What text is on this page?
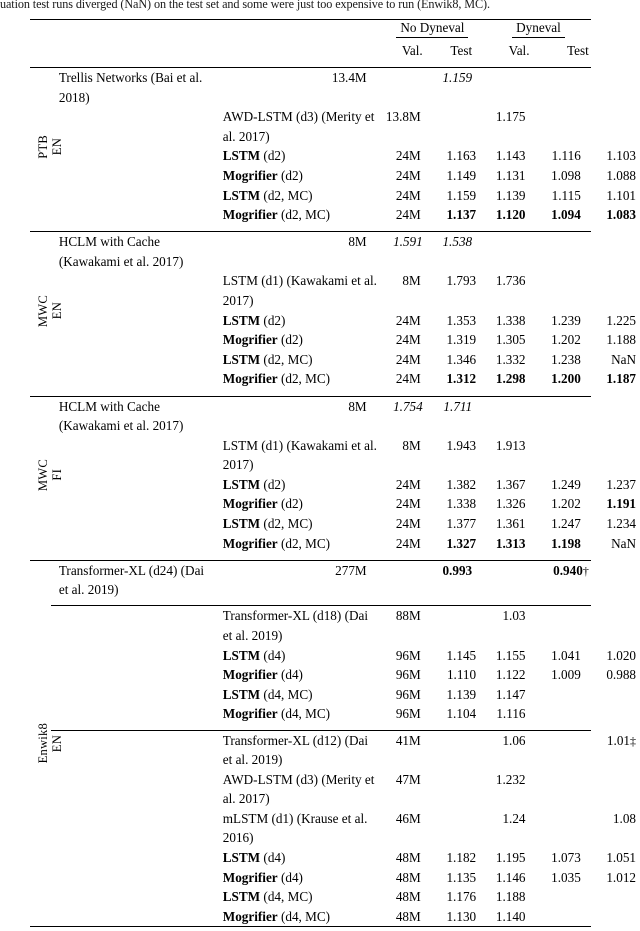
uation test runs diverged (NaN) on the test set and some were just too expensive to run (Enwik8, MC).

			No Dyneval		Dyneval		
			Val.	Test	Val.	Test	

PTB EN	Trellis Networks (Bai et al. 2018)	13.4M		1.159			
		AWD-LSTM (d3) (Merity et al. 2017)	13.8M		1.175		
		LSTM (d2)	24M	1.163	1.143	1.116	1.103
		Mogrifier (d2)	24M	1.149	1.131	1.098	1.088
		LSTM (d2, MC)	24M	1.159	1.139	1.115	1.101
		Mogrifier (d2, MC)	24M	1.137	1.120	1.094	1.083

MWC EN	HCLM with Cache (Kawakami et al. 2017)	8M	1.591	1.538			
		LSTM (d1) (Kawakami et al. 2017)	8M	1.793	1.736		
		LSTM (d2)	24M	1.353	1.338	1.239	1.225
		Mogrifier (d2)	24M	1.319	1.305	1.202	1.188
		LSTM (d2, MC)	24M	1.346	1.332	1.238	NaN
		Mogrifier (d2, MC)	24M	1.312	1.298	1.200	1.187

MWC FI	HCLM with Cache (Kawakami et al. 2017)	8M	1.754	1.711			
		LSTM (d1) (Kawakami et al. 2017)	8M	1.943	1.913		
		LSTM (d2)	24M	1.382	1.367	1.249	1.237
		Mogrifier (d2)	24M	1.338	1.326	1.202	1.191
		LSTM (d2, MC)	24M	1.377	1.361	1.247	1.234
		Mogrifier (d2, MC)	24M	1.327	1.313	1.198	NaN

Enwik8 EN	Transformer-XL (d24) (Dai et al. 2019)	277M		0.993		0.940†	

		Transformer-XL (d18) (Dai et al. 2019)	88M		1.03		
		LSTM (d4)	96M	1.145	1.155	1.041	1.020
		Mogrifier (d4)	96M	1.110	1.122	1.009	0.988
		LSTM (d4, MC)	96M	1.139	1.147		
		Mogrifier (d4, MC)	96M	1.104	1.116		

		Transformer-XL (d12) (Dai et al. 2019)	41M		1.06		1.01‡
		AWD-LSTM (d3) (Merity et al. 2017)	47M		1.232		
		mLSTM (d1) (Krause et al. 2016)	46M		1.24		1.08
		LSTM (d4)	48M	1.182	1.195	1.073	1.051
		Mogrifier (d4)	48M	1.135	1.146	1.035	1.012
		LSTM (d4, MC)	48M	1.176	1.188		
		Mogrifier (d4, MC)	48M	1.130	1.140		
